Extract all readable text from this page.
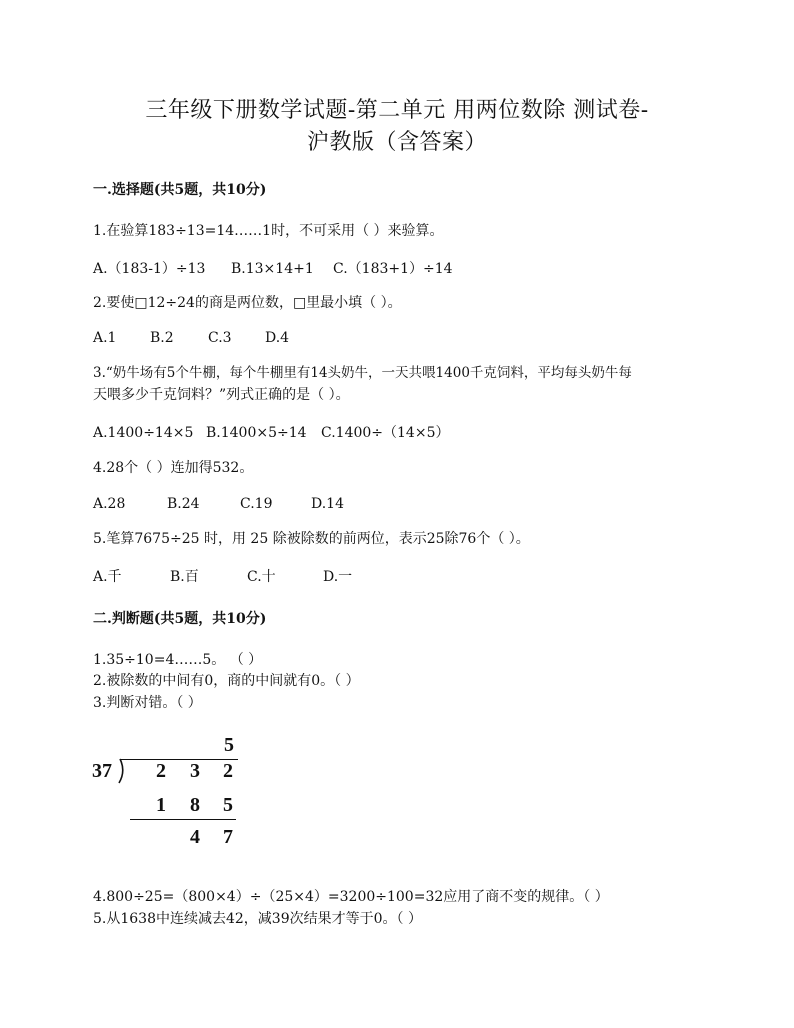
三年级下册数学试题-第二单元 用两位数除 测试卷-
沪教版（含答案）
一.选择题(共5题，共10分)
1.在验算183÷13=14……1时，不可采用（ ）来验算。
A.（183-1）÷13 B.13×14+1 C.（183+1）÷14
2.要使□12÷24的商是两位数，□里最小填（ ）。
A.1 B.2 C.3 D.4
3.“奶牛场有5个牛棚，每个牛棚里有14头奶牛，一天共喂1400千克饲料，平均每头奶牛每
天喂多少千克饲料？”列式正确的是（ ）。
A.1400÷14×5 B.1400×5÷14 C.1400÷（14×5）
4.28个（ ）连加得532。
A.28	B.24	C.19	D.14
5.笔算7675÷25 时，用 25 除被除数的前两位，表示25除76个（ ）。
A.千	B.百	C.十	D.一
二.判断题(共5题，共10分)
1.35÷10=4……5。 （ ）
2.被除数的中间有0，商的中间就有0。（ ）
3.判断对错。（ ）
5
37 2 3 2
1 8 5
4 7
4.800÷25=（800×4）÷（25×4）=3200÷100=32应用了商不变的规律。（ ）
5.从1638中连续减去42，减39次结果才等于0。（ ）
